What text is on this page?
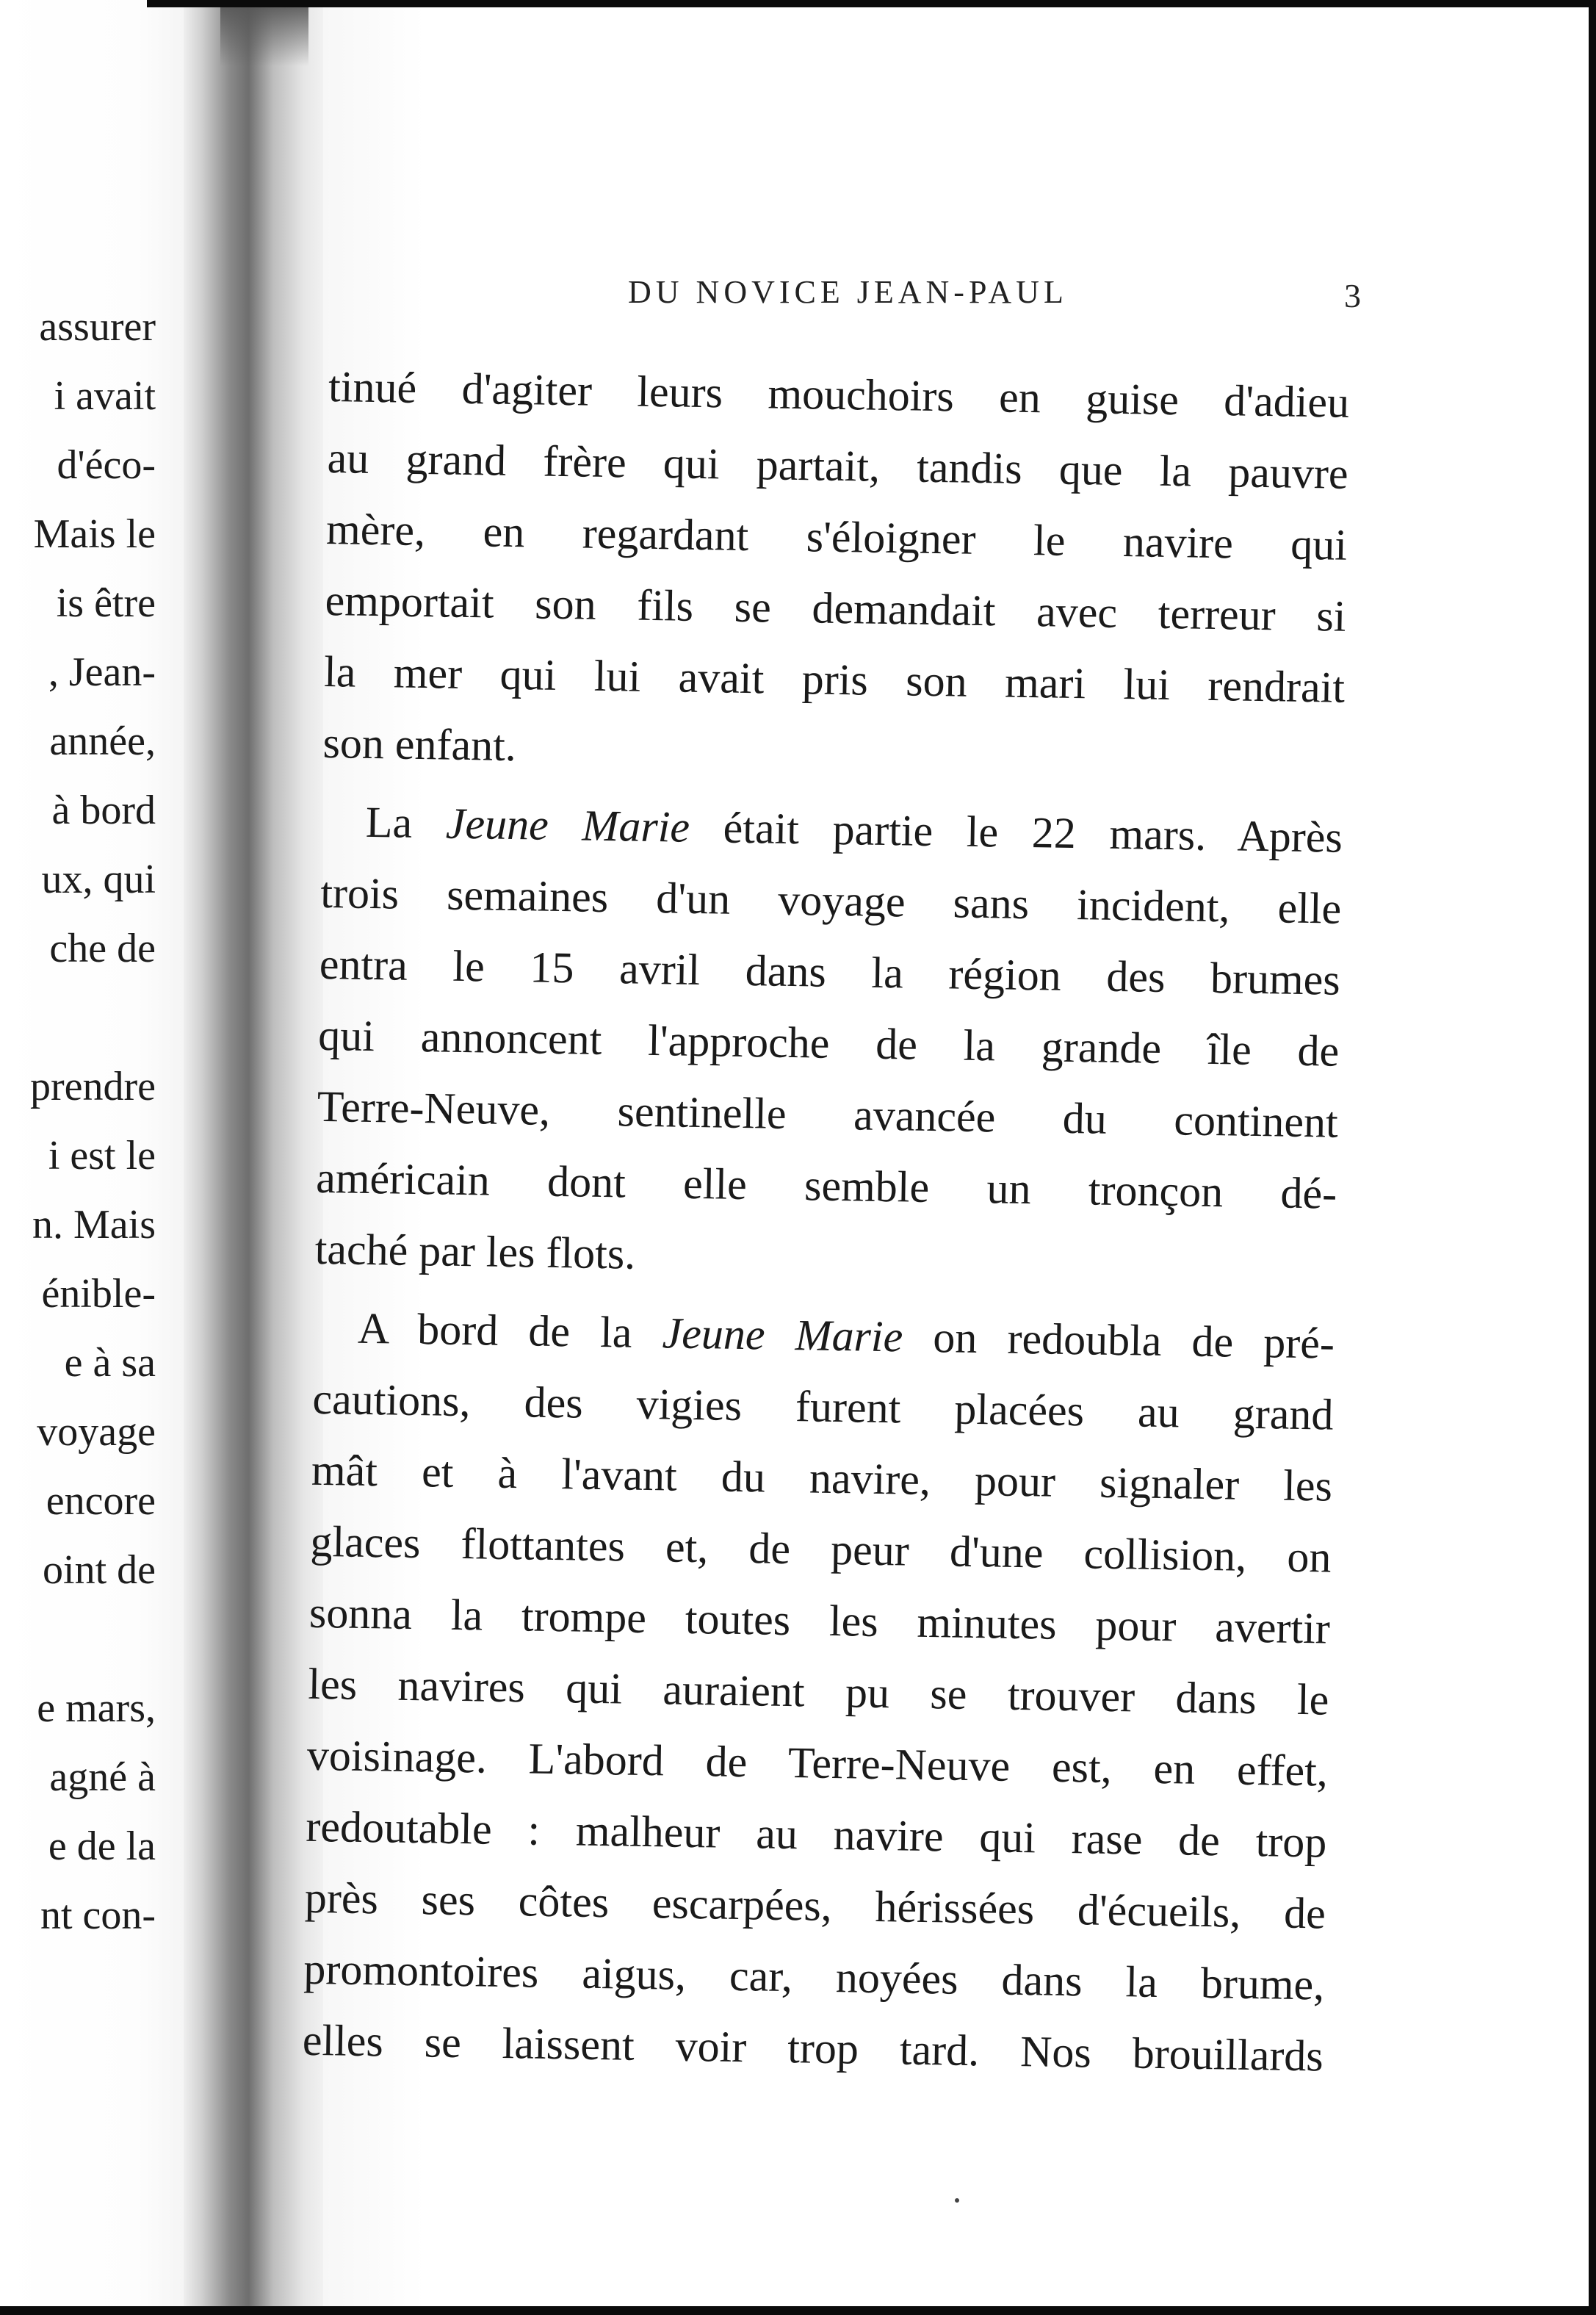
assurer
i avait
d'éco-
Mais le
is être
, Jean-
année,
à bord
ux, qui
che de
prendre
i est le
n. Mais
énible-
e à sa
voyage
encore
oint de
e mars,
agné à
e de la
nt con-
DU NOVICE JEAN-PAUL	3
tinué d'agiter leurs mouchoirs en guise d'adieu
au grand frère qui partait, tandis que la pauvre
mère, en regardant s'éloigner le navire qui
emportait son fils se demandait avec terreur si
la mer qui lui avait pris son mari lui rendrait
son enfant.
La Jeune Marie était partie le 22 mars. Après
trois semaines d'un voyage sans incident, elle
entra le 15 avril dans la région des brumes
qui annoncent l'approche de la grande île de
Terre-Neuve, sentinelle avancée du continent
américain dont elle semble un tronçon dé-
taché par les flots.
A bord de la Jeune Marie on redoubla de pré-
cautions, des vigies furent placées au grand
mât et à l'avant du navire, pour signaler les
glaces flottantes et, de peur d'une collision, on
sonna la trompe toutes les minutes pour avertir
les navires qui auraient pu se trouver dans le
voisinage. L'abord de Terre-Neuve est, en effet,
redoutable : malheur au navire qui rase de trop
près ses côtes escarpées, hérissées d'écueils, de
promontoires aigus, car, noyées dans la brume,
elles se laissent voir trop tard. Nos brouillards
